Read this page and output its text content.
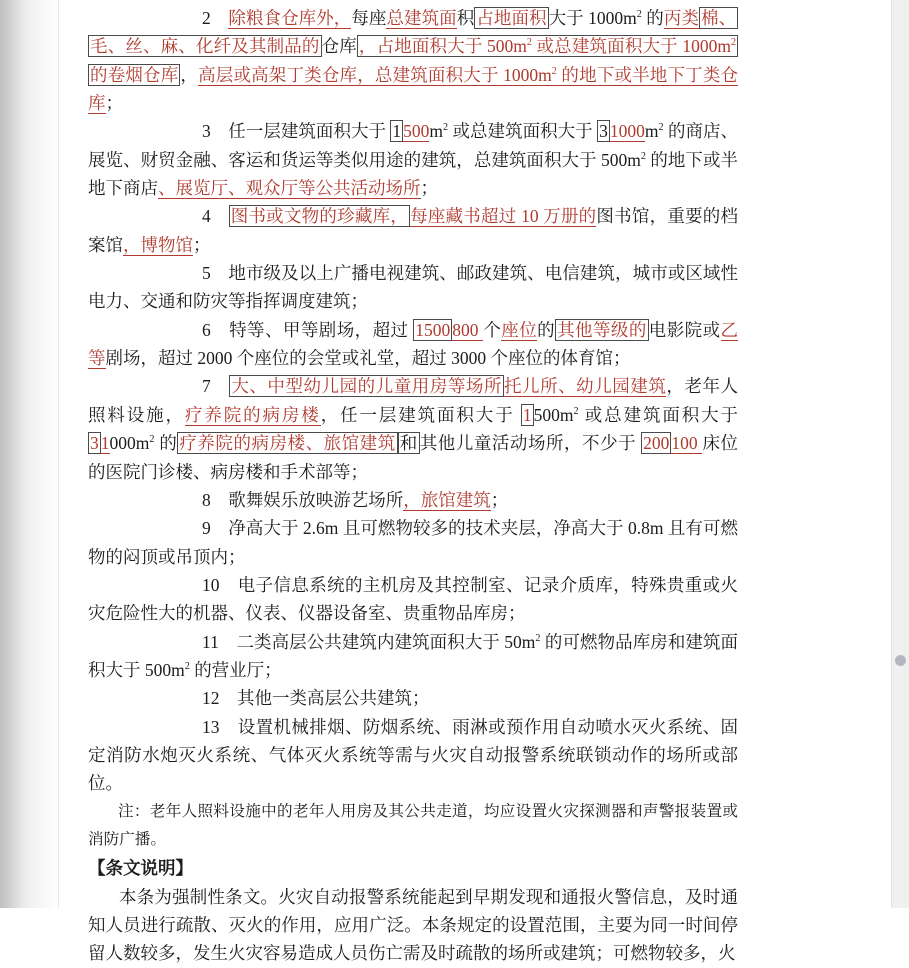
2　除粮食仓库外，每座总建筑面积 占地面积 大于 $1000m^2$ 的丙类 棉、毛、丝、麻、化纤及其制品的 仓库 ，占地面积大于 $500m^2$ 或总建筑面积大于 $1000m^2$ 的卷烟仓库 ，高层或高架丁类仓库，总建筑面积大于 $1000m^2$ 的地下或半地下丁类仓库；

3　任一层建筑面积大于 1 $500m^2$ 或总建筑面积大于 3 $1000m^2$ 的商店、展览、财贸金融、客运和货运等类似用途的建筑，总建筑面积大于 $500m^2$ 的地下或半地下商店、展览厅、观众厅等公共活动场所；

4　图书或文物的珍藏库， 每座藏书超过 10 万册的图书馆，重要的档案馆，博物馆；

5　地市级及以上广播电视建筑、邮政建筑、电信建筑，城市或区域性电力、交通和防灾等指挥调度建筑；

6　特等、甲等剧场，超过 1500 800 个座位的 其他等级的 电影院或乙等剧场，超过 2000 个座位的会堂或礼堂，超过 3000 个座位的体育馆；

7　大、中型幼儿园的儿童用房等场所 托儿所、幼儿园建筑，老年人照料设施，疗养院的病房楼，任一层建筑面积大于 1 $500m^2$ 或总建筑面积大于 3 $1000m^2$ 的 疗养院的病房楼、旅馆建筑 和 其他儿童活动场所，不少于 200 100 床位的医院门诊楼、病房楼和手术部等；

8　歌舞娱乐放映游艺场所，旅馆建筑；

9　净高大于 2.6m 且可燃物较多的技术夹层，净高大于 0.8m 且有可燃物的闷顶或吊顶内；

10　电子信息系统的主机房及其控制室、记录介质库，特殊贵重或火灾危险性大的机器、仪表、仪器设备室、贵重物品库房；

11　二类高层公共建筑内建筑面积大于 $50m^2$ 的可燃物品库房和建筑面积大于 $500m^2$ 的营业厅；

12　其他一类高层公共建筑；

13　设置机械排烟、防烟系统、雨淋或预作用自动喷水灭火系统、固定消防水炮灭火系统、气体灭火系统等需与火灾自动报警系统联锁动作的场所或部位。

注：老年人照料设施中的老年人用房及其公共走道，均应设置火灾探测器和声警报装置或消防广播。

【条文说明】

本条为强制性条文。火灾自动报警系统能起到早期发现和通报火警信息，及时通知人员进行疏散、灭火的作用，应用广泛。本条规定的设置范围，主要为同一时间停留人数较多，发生火灾容易造成人员伤亡需及时疏散的场所或建筑；可燃物较多，火
